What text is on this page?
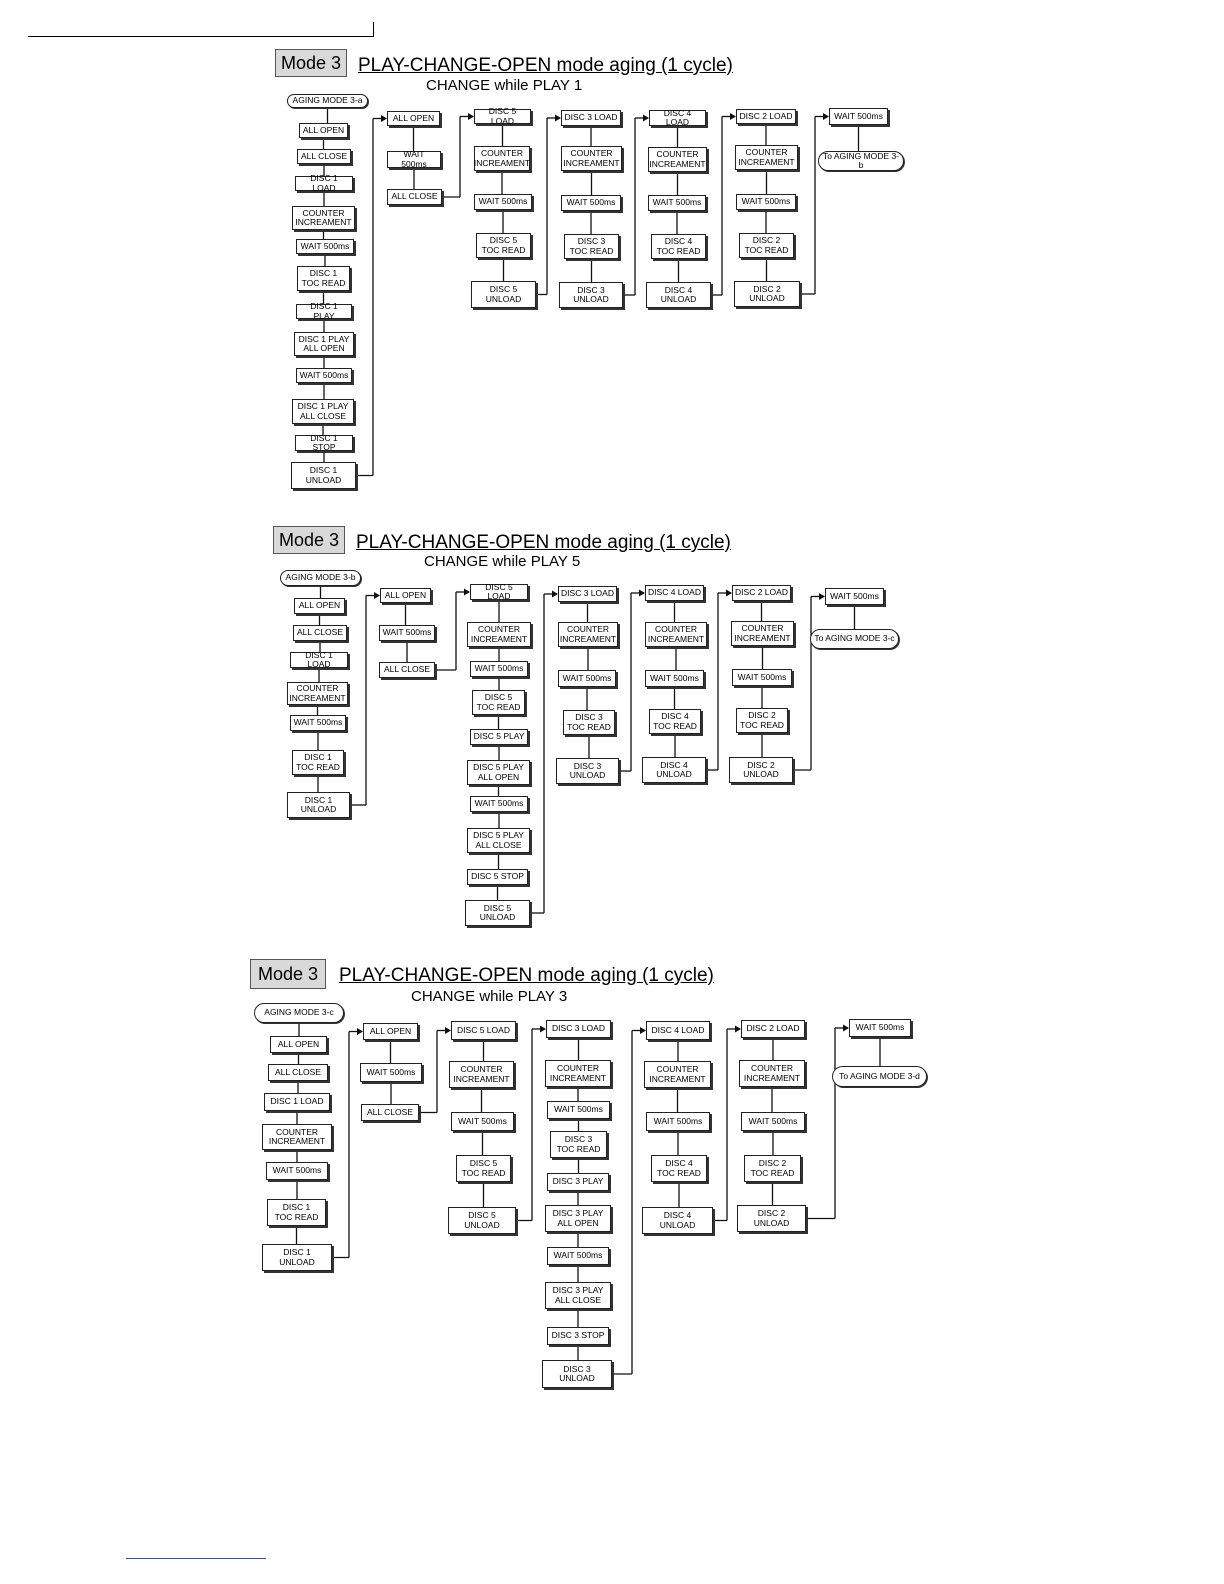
Mode 3 PLAY-CHANGE-OPEN mode aging (1 cycle)
CHANGE while PLAY 1
Mode 3 PLAY-CHANGE-OPEN mode aging (1 cycle)
CHANGE while PLAY 5
Mode 3	PLAY-CHANGE-OPEN mode aging (1 cycle)
CHANGE while PLAY 3
AGING MODE 3-a
ALL OPEN
ALL CLOSE
DISC 1 LOAD
COUNTER
INCREAMENT
WAIT 500ms
DISC 1
TOC READ
DISC 1 PLAY
DISC 1 PLAY
ALL OPEN
WAIT 500ms
DISC 1 PLAY
ALL CLOSE
DISC 1 STOP
DISC 1
UNLOAD
ALL OPEN
WAIT 500ms
ALL CLOSE
DISC 5 LOAD
COUNTER
INCREAMENT
WAIT 500ms
DISC 5
TOC READ
DISC 5
UNLOAD
DISC 3 LOAD
COUNTER
INCREAMENT
WAIT 500ms
DISC 3
TOC READ
DISC 3
UNLOAD
DISC 4 LOAD
COUNTER
INCREAMENT
WAIT 500ms
DISC 4
TOC READ
DISC 4
UNLOAD
DISC 2 LOAD
COUNTER
INCREAMENT
WAIT 500ms
DISC 2
TOC READ
DISC 2
UNLOAD
WAIT 500ms
To AGING MODE 3-b
AGING MODE 3-b
ALL OPEN
ALL CLOSE
DISC 1 LOAD
COUNTER
INCREAMENT
WAIT 500ms
DISC 1
TOC READ
DISC 1
UNLOAD
ALL OPEN
WAIT 500ms
ALL CLOSE
DISC 5 LOAD
COUNTER
INCREAMENT
WAIT 500ms
DISC 5
TOC READ
DISC 5 PLAY
DISC 5 PLAY
ALL OPEN
WAIT 500ms
DISC 5 PLAY
ALL CLOSE
DISC 5 STOP
DISC 5
UNLOAD
DISC 3 LOAD
COUNTER
INCREAMENT
WAIT 500ms
DISC 3
TOC READ
DISC 3
UNLOAD
DISC 4 LOAD
COUNTER
INCREAMENT
WAIT 500ms
DISC 4
TOC READ
DISC 4
UNLOAD
DISC 2 LOAD
COUNTER
INCREAMENT
WAIT 500ms
DISC 2
TOC READ
DISC 2
UNLOAD
WAIT 500ms
To AGING MODE 3-c
AGING MODE 3-c
ALL OPEN
ALL CLOSE
DISC 1 LOAD
COUNTER
INCREAMENT
WAIT 500ms
DISC 1
TOC READ
DISC 1
UNLOAD
ALL OPEN
WAIT 500ms
ALL CLOSE
DISC 5 LOAD
COUNTER
INCREAMENT
WAIT 500ms
DISC 5
TOC READ
DISC 5
UNLOAD
DISC 3 LOAD
COUNTER
INCREAMENT
WAIT 500ms
DISC 3
TOC READ
DISC 3 PLAY
DISC 3 PLAY
ALL OPEN
WAIT 500ms
DISC 3 PLAY
ALL CLOSE
DISC 3 STOP
DISC 3
UNLOAD
DISC 4 LOAD
COUNTER
INCREAMENT
WAIT 500ms
DISC 4
TOC READ
DISC 4
UNLOAD
DISC 2 LOAD
COUNTER
INCREAMENT
WAIT 500ms
DISC 2
TOC READ
DISC 2
UNLOAD
WAIT 500ms
To AGING MODE 3-d
